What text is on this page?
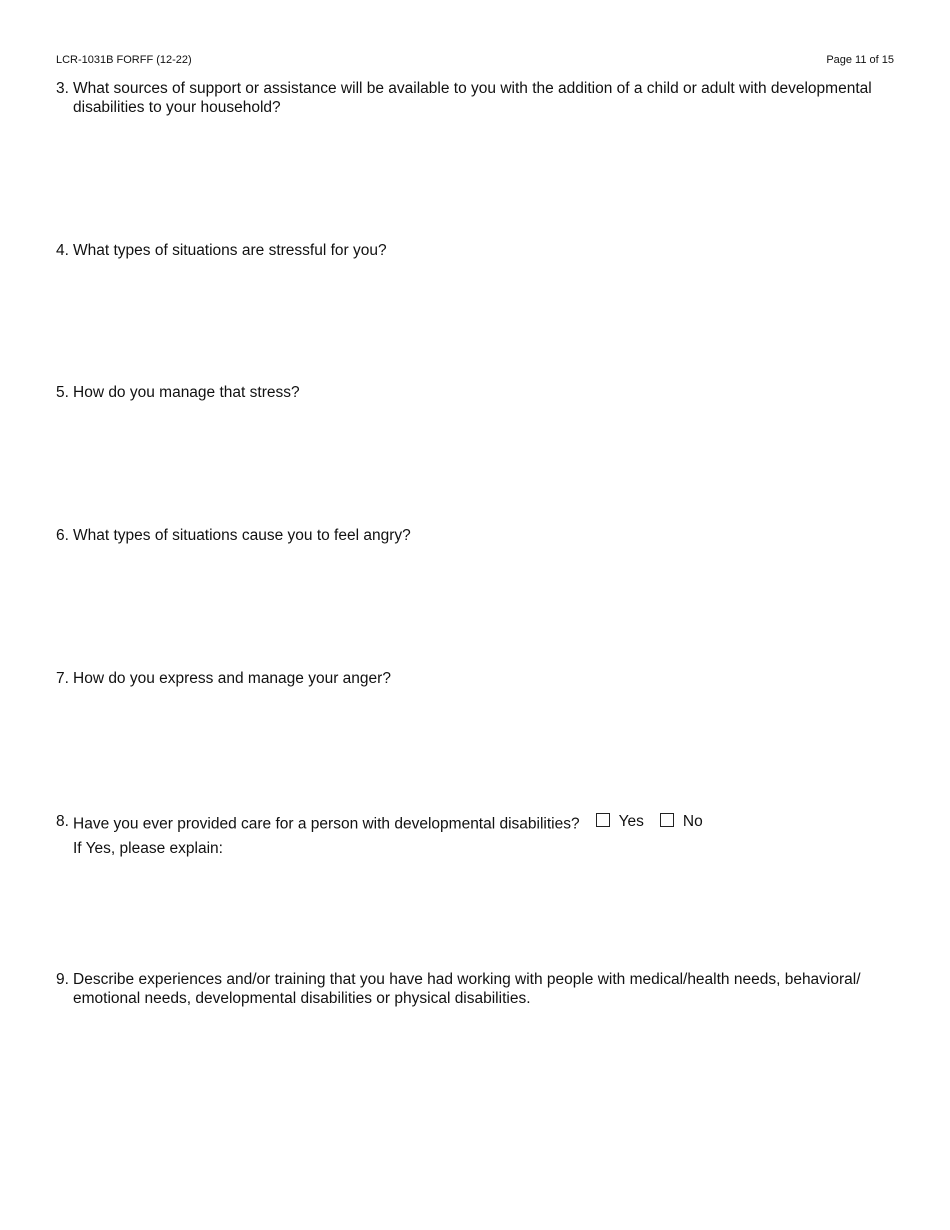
LCR-1031B FORFF (12-22)	Page 11 of 15
3. What sources of support or assistance will be available to you with the addition of a child or adult with developmental disabilities to your household?
4. What types of situations are stressful for you?
5. How do you manage that stress?
6. What types of situations cause you to feel angry?
7. How do you express and manage your anger?
8. Have you ever provided care for a person with developmental disabilities?	Yes	No
If Yes, please explain:
9. Describe experiences and/or training that you have had working with people with medical/health needs, behavioral/ emotional needs, developmental disabilities or physical disabilities.
